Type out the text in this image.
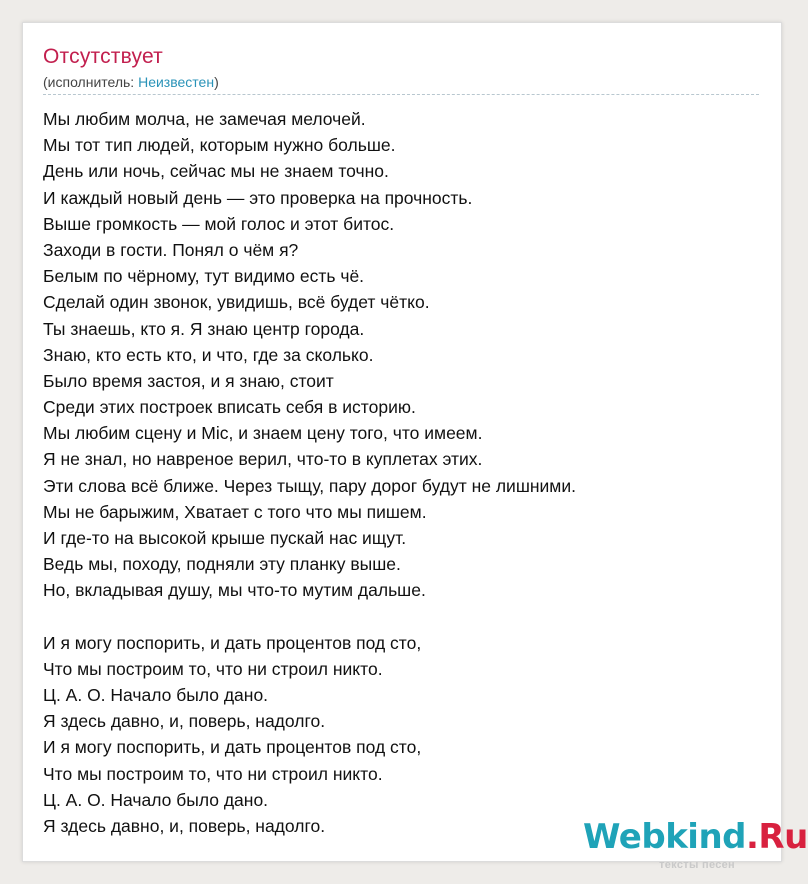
Отсутствует
(исполнитель: Неизвестен)
Мы любим молча, не замечая мелочей.
Мы тот тип людей, которым нужно больше.
День или ночь, сейчас мы не знаем точно.
И каждый новый день — это проверка на прочность.
Выше громкость — мой голос и этот битос.
Заходи в гости. Понял о чём я?
Белым по чёрному, тут видимо есть чё.
Сделай один звонок, увидишь, всё будет чётко.
Ты знаешь, кто я. Я знаю центр города.
Знаю, кто есть кто, и что, где за сколько.
Было время застоя, и я знаю, стоит
Среди этих построек вписать себя в историю.
Мы любим сцену и Mic, и знаем цену того, что имеем.
Я не знал, но навреное верил, что-то в куплетах этих.
Эти слова всё ближе. Через тыщу, пару дорог будут не лишними.
Мы не барыжим, Хватает с того что мы пишем.
И где-то на высокой крыше пускай нас ищут.
Ведь мы, походу, подняли эту планку выше.
Но, вкладывая душу, мы что-то мутим дальше.
И я могу поспорить, и дать процентов под сто,
Что мы построим то, что ни строил никто.
Ц. А. О. Начало было дано.
Я здесь давно, и, поверь, надолго.
И я могу поспорить, и дать процентов под сто,
Что мы построим то, что ни строил никто.
Ц. А. О. Начало было дано.
Я здесь давно, и, поверь, надолго.	Webkind.Ru
тексты песен
